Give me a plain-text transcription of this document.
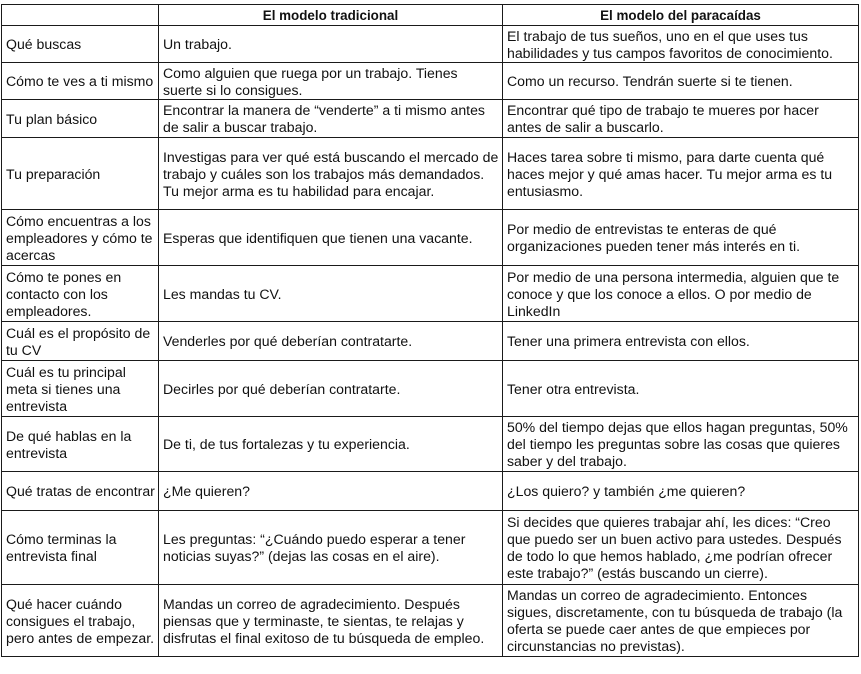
	El modelo tradicional	El modelo del paracaídas
Qué buscas	Un trabajo.	El trabajo de tus sueños, uno en el que uses tus habilidades y tus campos favoritos de conocimiento.
Cómo te ves a ti mismo	Como alguien que ruega por un trabajo. Tienes suerte si lo consigues.	Como un recurso. Tendrán suerte si te tienen.
Tu plan básico	Encontrar la manera de “venderte” a ti mismo antes de salir a buscar trabajo.	Encontrar qué tipo de trabajo te mueres por hacer antes de salir a buscarlo.
Tu preparación	Investigas para ver qué está buscando el mercado de trabajo y cuáles son los trabajos más demandados. Tu mejor arma es tu habilidad para encajar.	Haces tarea sobre ti mismo, para darte cuenta qué haces mejor y qué amas hacer. Tu mejor arma es tu entusiasmo.
Cómo encuentras a los empleadores y cómo te acercas	Esperas que identifiquen que tienen una vacante.	Por medio de entrevistas te enteras de qué organizaciones pueden tener más interés en ti.
Cómo te pones en contacto con los empleadores.	Les mandas tu CV.	Por medio de una persona intermedia, alguien que te conoce y que los conoce a ellos. O por medio de LinkedIn
Cuál es el propósito de tu CV	Venderles por qué deberían contratarte.	Tener una primera entrevista con ellos.
Cuál es tu principal meta si tienes una entrevista	Decirles por qué deberían contratarte.	Tener otra entrevista.
De qué hablas en la entrevista	De ti, de tus fortalezas y tu experiencia.	50% del tiempo dejas que ellos hagan preguntas, 50% del tiempo les preguntas sobre las cosas que quieres saber y del trabajo.
Qué tratas de encontrar	¿Me quieren?	¿Los quiero? y también ¿me quieren?
Cómo terminas la entrevista final	Les preguntas: “¿Cuándo puedo esperar a tener noticias suyas?” (dejas las cosas en el aire).	Si decides que quieres trabajar ahí, les dices: “Creo que puedo ser un buen activo para ustedes. Después de todo lo que hemos hablado, ¿me podrían ofrecer este trabajo?” (estás buscando un cierre).
Qué hacer cuándo consigues el trabajo, pero antes de empezar.	Mandas un correo de agradecimiento. Después piensas que y terminaste, te sientas, te relajas y disfrutas el final exitoso de tu búsqueda de empleo.	Mandas un correo de agradecimiento. Entonces sigues, discretamente, con tu búsqueda de trabajo (la oferta se puede caer antes de que empieces por circunstancias no previstas).
